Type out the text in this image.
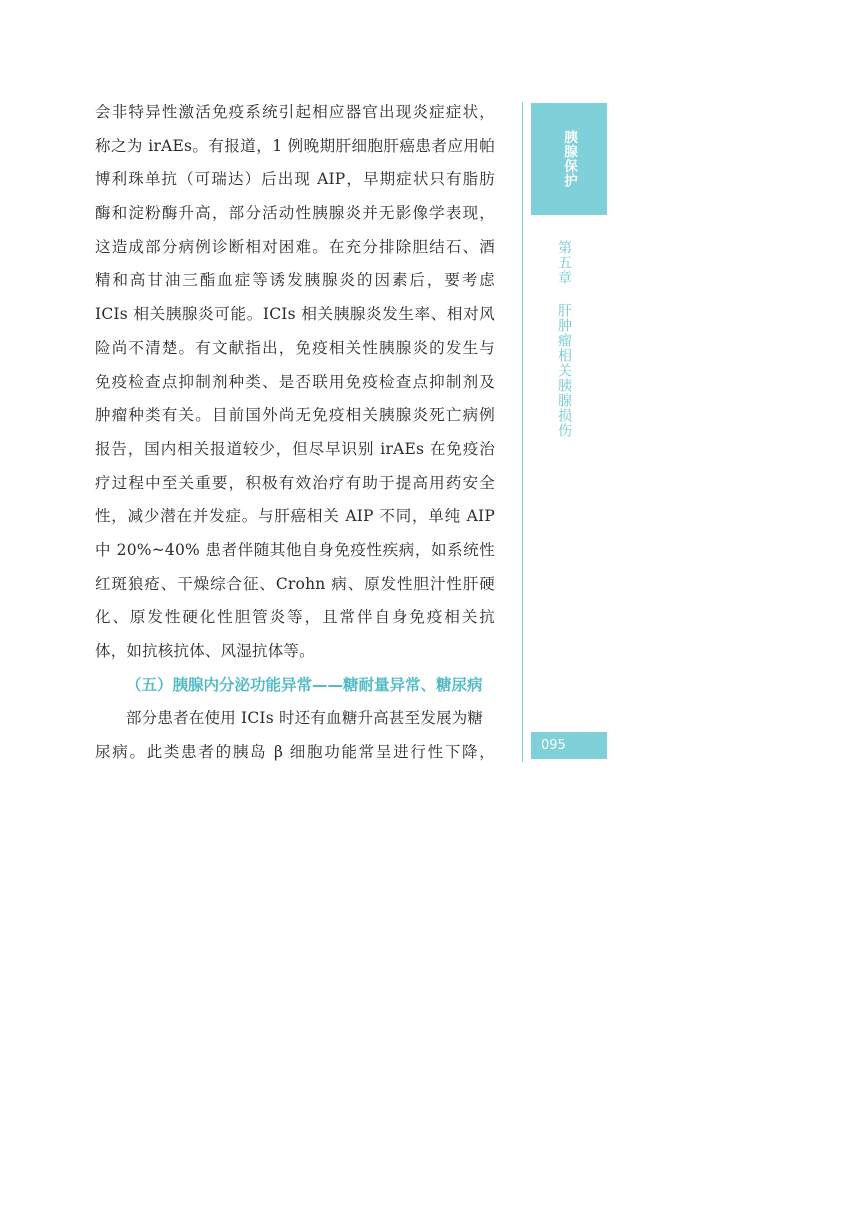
会非特异性激活免疫系统引起相应器官出现炎症症状，
称之为 irAEs。有报道，1 例晚期肝细胞肝癌患者应用帕
博利珠单抗（可瑞达）后出现 AIP，早期症状只有脂肪
酶和淀粉酶升高，部分活动性胰腺炎并无影像学表现，
这造成部分病例诊断相对困难。在充分排除胆结石、酒
精和高甘油三酯血症等诱发胰腺炎的因素后，要考虑
ICIs 相关胰腺炎可能。ICIs 相关胰腺炎发生率、相对风
险尚不清楚。有文献指出，免疫相关性胰腺炎的发生与
免疫检查点抑制剂种类、是否联用免疫检查点抑制剂及
肿瘤种类有关。目前国外尚无免疫相关胰腺炎死亡病例
报告，国内相关报道较少，但尽早识别 irAEs 在免疫治
疗过程中至关重要，积极有效治疗有助于提高用药安全
性，减少潜在并发症。与肝癌相关 AIP 不同，单纯 AIP
中 20%~40% 患者伴随其他自身免疫性疾病，如系统性
红斑狼疮、干燥综合征、Crohn 病、原发性胆汁性肝硬
化、原发性硬化性胆管炎等，且常伴自身免疫相关抗
体，如抗核抗体、风湿抗体等。
（五）胰腺内分泌功能异常——糖耐量异常、糖尿病
部分患者在使用 ICIs 时还有血糖升高甚至发展为糖
尿病。此类患者的胰岛 β 细胞功能常呈进行性下降，
胰腺保护
第五章肝肿瘤相关胰腺损伤
095
